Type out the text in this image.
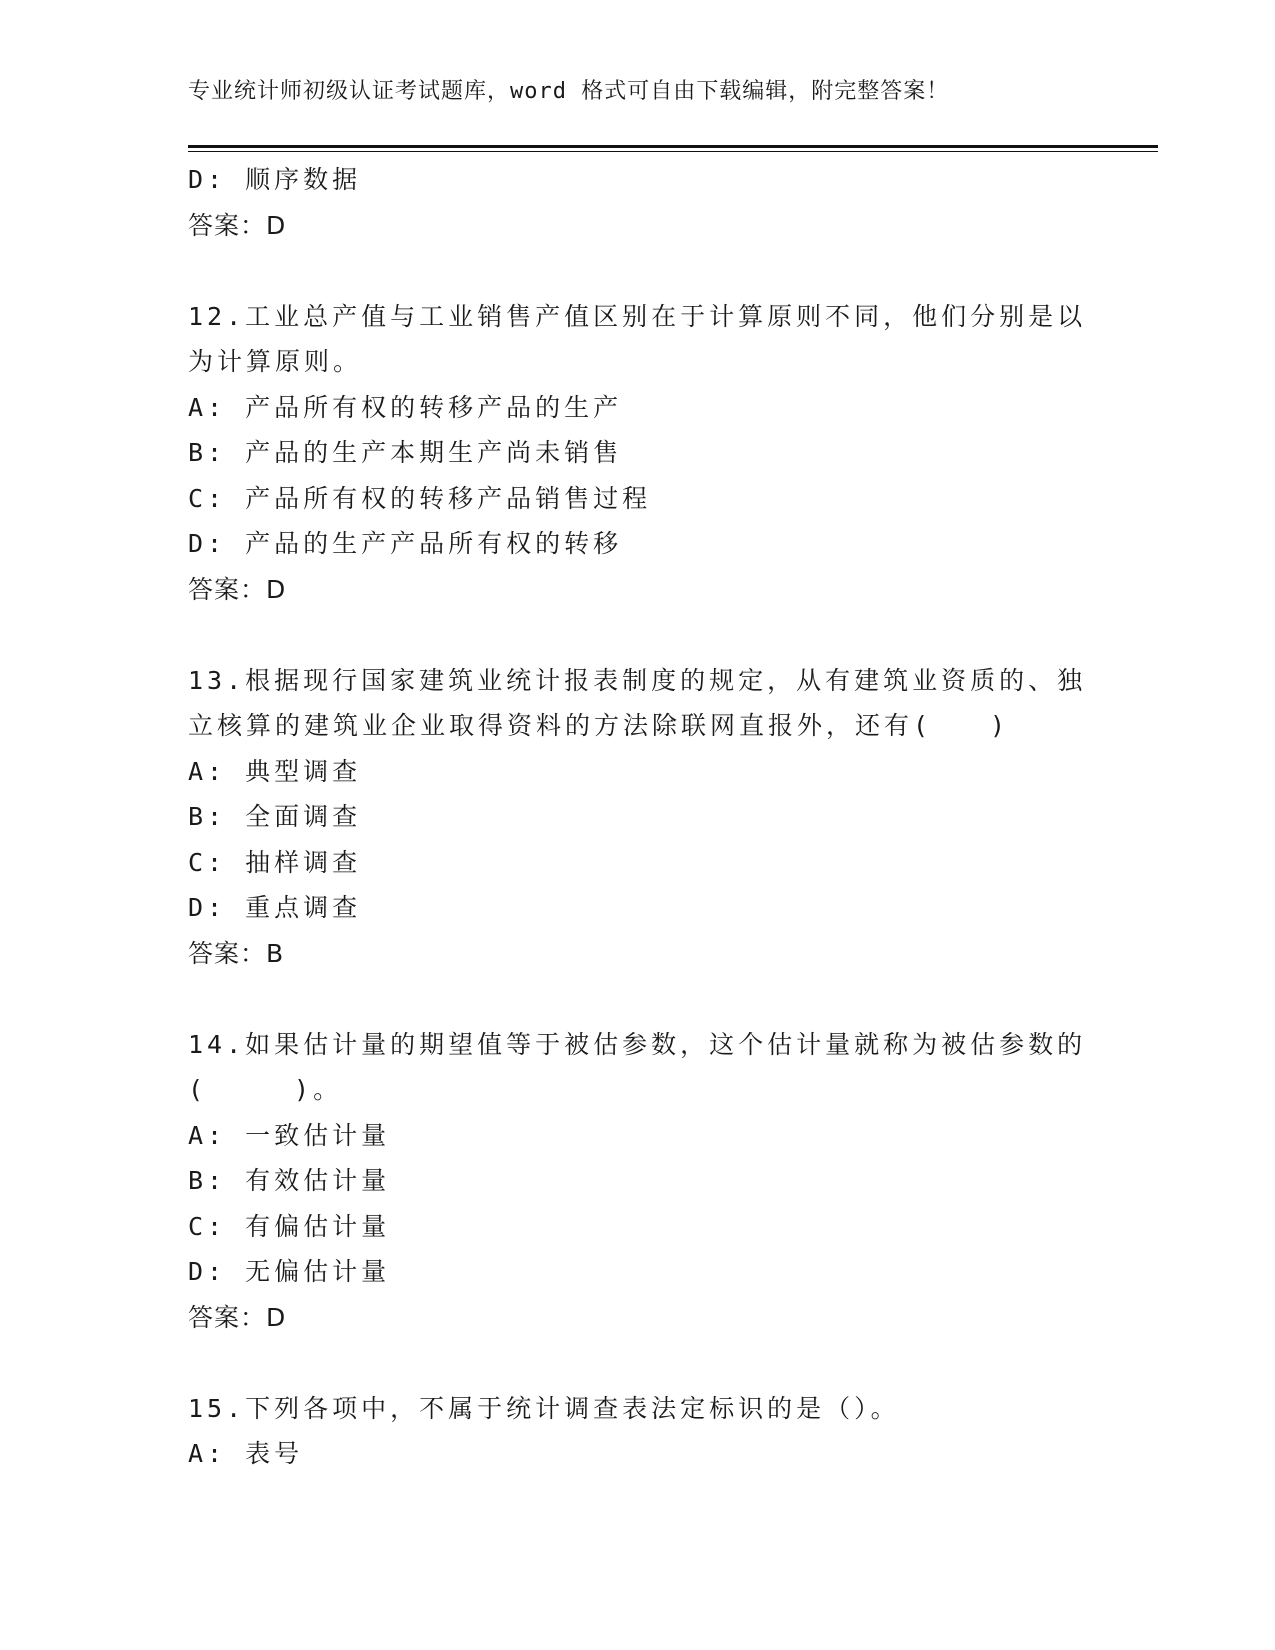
专业统计师初级认证考试题库，word 格式可自由下载编辑，附完整答案！
D: 顺序数据
答案：D
12.工业总产值与工业销售产值区别在于计算原则不同，他们分别是以
为计算原则。
A: 产品所有权的转移产品的生产
B: 产品的生产本期生产尚未销售
C: 产品所有权的转移产品销售过程
D: 产品的生产产品所有权的转移
答案：D
13.根据现行国家建筑业统计报表制度的规定，从有建筑业资质的、独
立核算的建筑业企业取得资料的方法除联网直报外，还有(　　)
A: 典型调查
B: 全面调查
C: 抽样调查
D: 重点调查
答案：B
14.如果估计量的期望值等于被估参数，这个估计量就称为被估参数的
(　　　)。
A: 一致估计量
B: 有效估计量
C: 有偏估计量
D: 无偏估计量
答案：D
15.下列各项中，不属于统计调查表法定标识的是（）。
A: 表号
